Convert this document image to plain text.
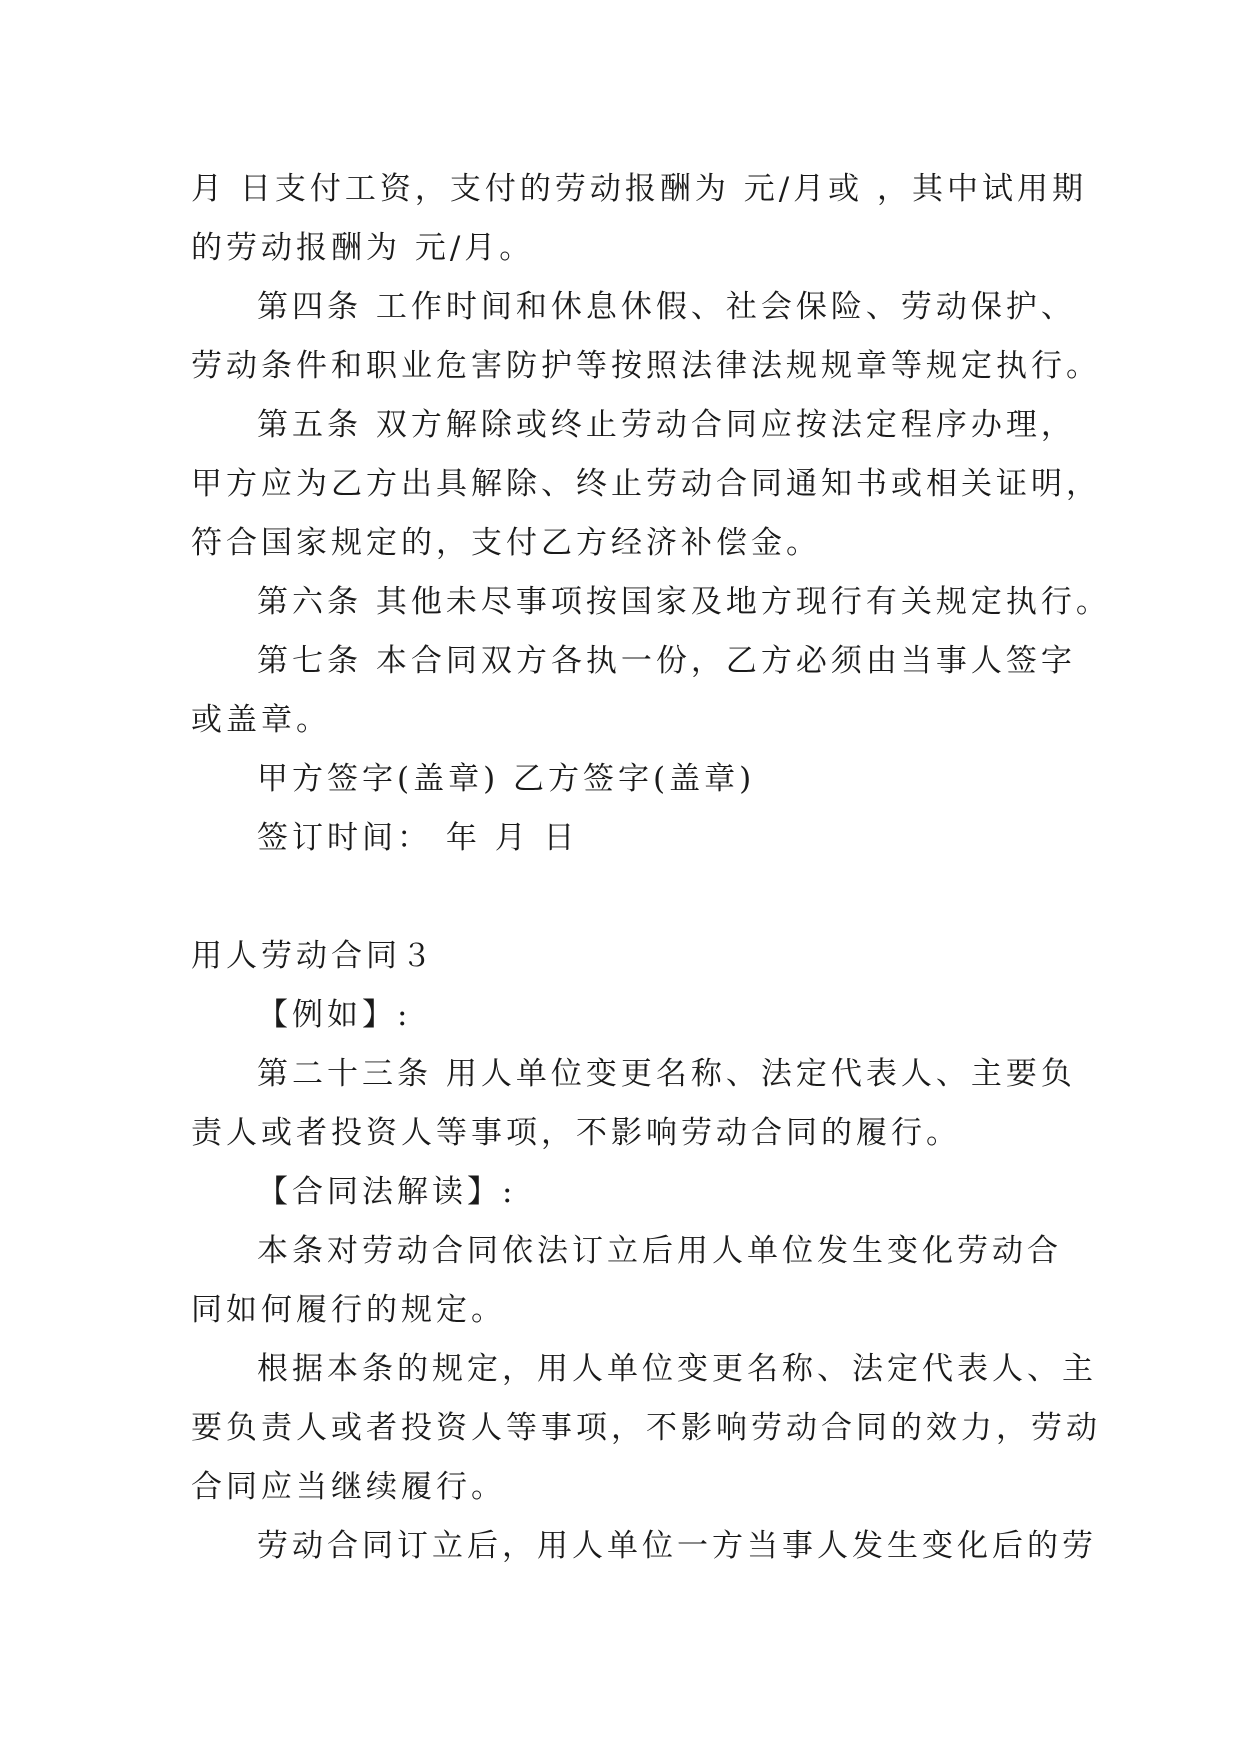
月 日支付工资，支付的劳动报酬为 元/月或 ，其中试用期
的劳动报酬为 元/月。
第四条 工作时间和休息休假、社会保险、劳动保护、
劳动条件和职业危害防护等按照法律法规规章等规定执行。
第五条 双方解除或终止劳动合同应按法定程序办理，
甲方应为乙方出具解除、终止劳动合同通知书或相关证明，
符合国家规定的，支付乙方经济补偿金。
第六条 其他未尽事项按国家及地方现行有关规定执行。
第七条 本合同双方各执一份，乙方必须由当事人签字
或盖章。
甲方签字(盖章) 乙方签字(盖章)
签订时间： 年 月 日
用人劳动合同３
【例如】:
第二十三条 用人单位变更名称、法定代表人、主要负
责人或者投资人等事项，不影响劳动合同的履行。
【合同法解读】:
本条对劳动合同依法订立后用人单位发生变化劳动合
同如何履行的规定。
根据本条的规定，用人单位变更名称、法定代表人、主
要负责人或者投资人等事项，不影响劳动合同的效力，劳动
合同应当继续履行。
劳动合同订立后，用人单位一方当事人发生变化后的劳
